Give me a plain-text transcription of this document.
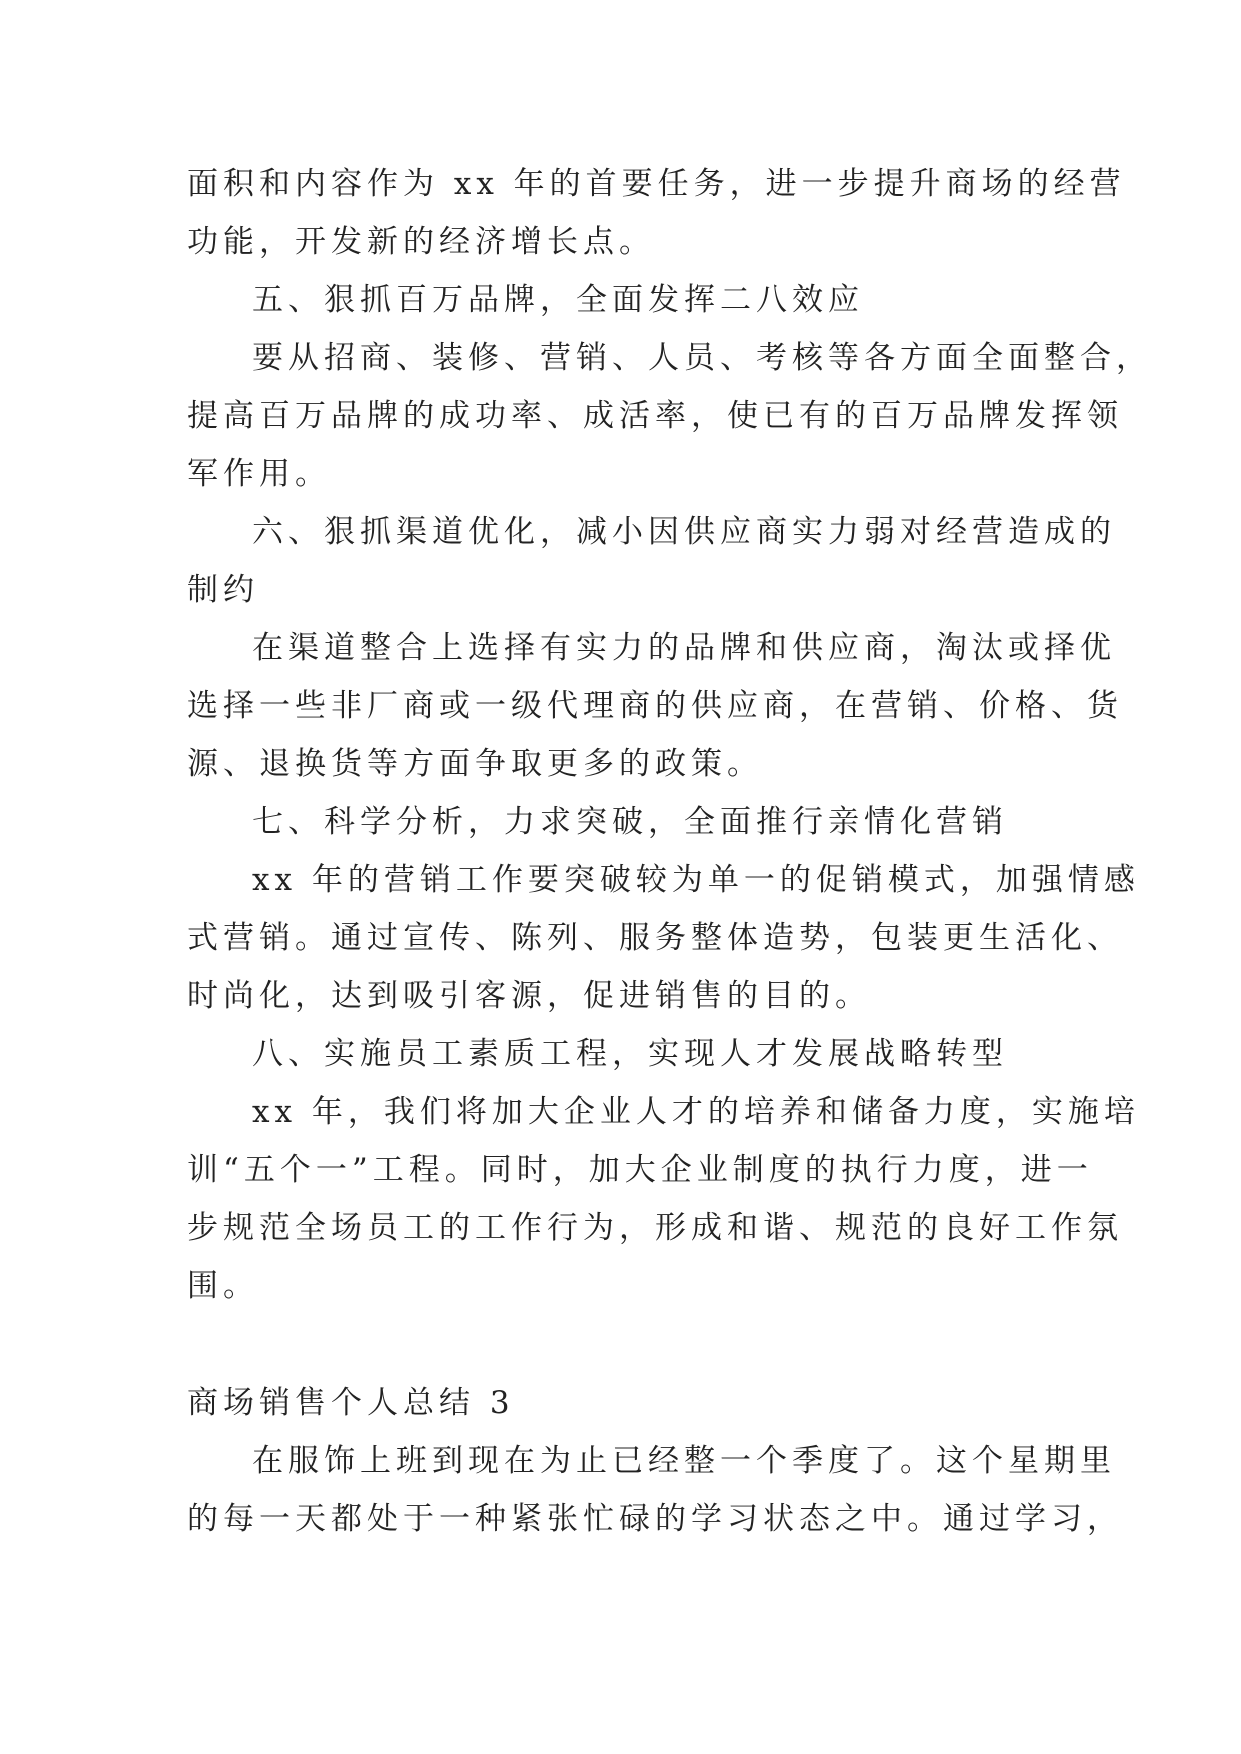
面积和内容作为 xx 年的首要任务，进一步提升商场的经营
功能，开发新的经济增长点。
五、狠抓百万品牌，全面发挥二八效应
要从招商、装修、营销、人员、考核等各方面全面整合，
提高百万品牌的成功率、成活率，使已有的百万品牌发挥领
军作用。
六、狠抓渠道优化，减小因供应商实力弱对经营造成的
制约
在渠道整合上选择有实力的品牌和供应商，淘汰或择优
选择一些非厂商或一级代理商的供应商，在营销、价格、货
源、退换货等方面争取更多的政策。
七、科学分析，力求突破，全面推行亲情化营销
xx 年的营销工作要突破较为单一的促销模式，加强情感
式营销。通过宣传、陈列、服务整体造势，包装更生活化、
时尚化，达到吸引客源，促进销售的目的。
八、实施员工素质工程，实现人才发展战略转型
xx 年，我们将加大企业人才的培养和储备力度，实施培
训“五个一”工程。同时，加大企业制度的执行力度，进一
步规范全场员工的工作行为，形成和谐、规范的良好工作氛
围。
商场销售个人总结 3
在服饰上班到现在为止已经整一个季度了。这个星期里
的每一天都处于一种紧张忙碌的学习状态之中。通过学习，
